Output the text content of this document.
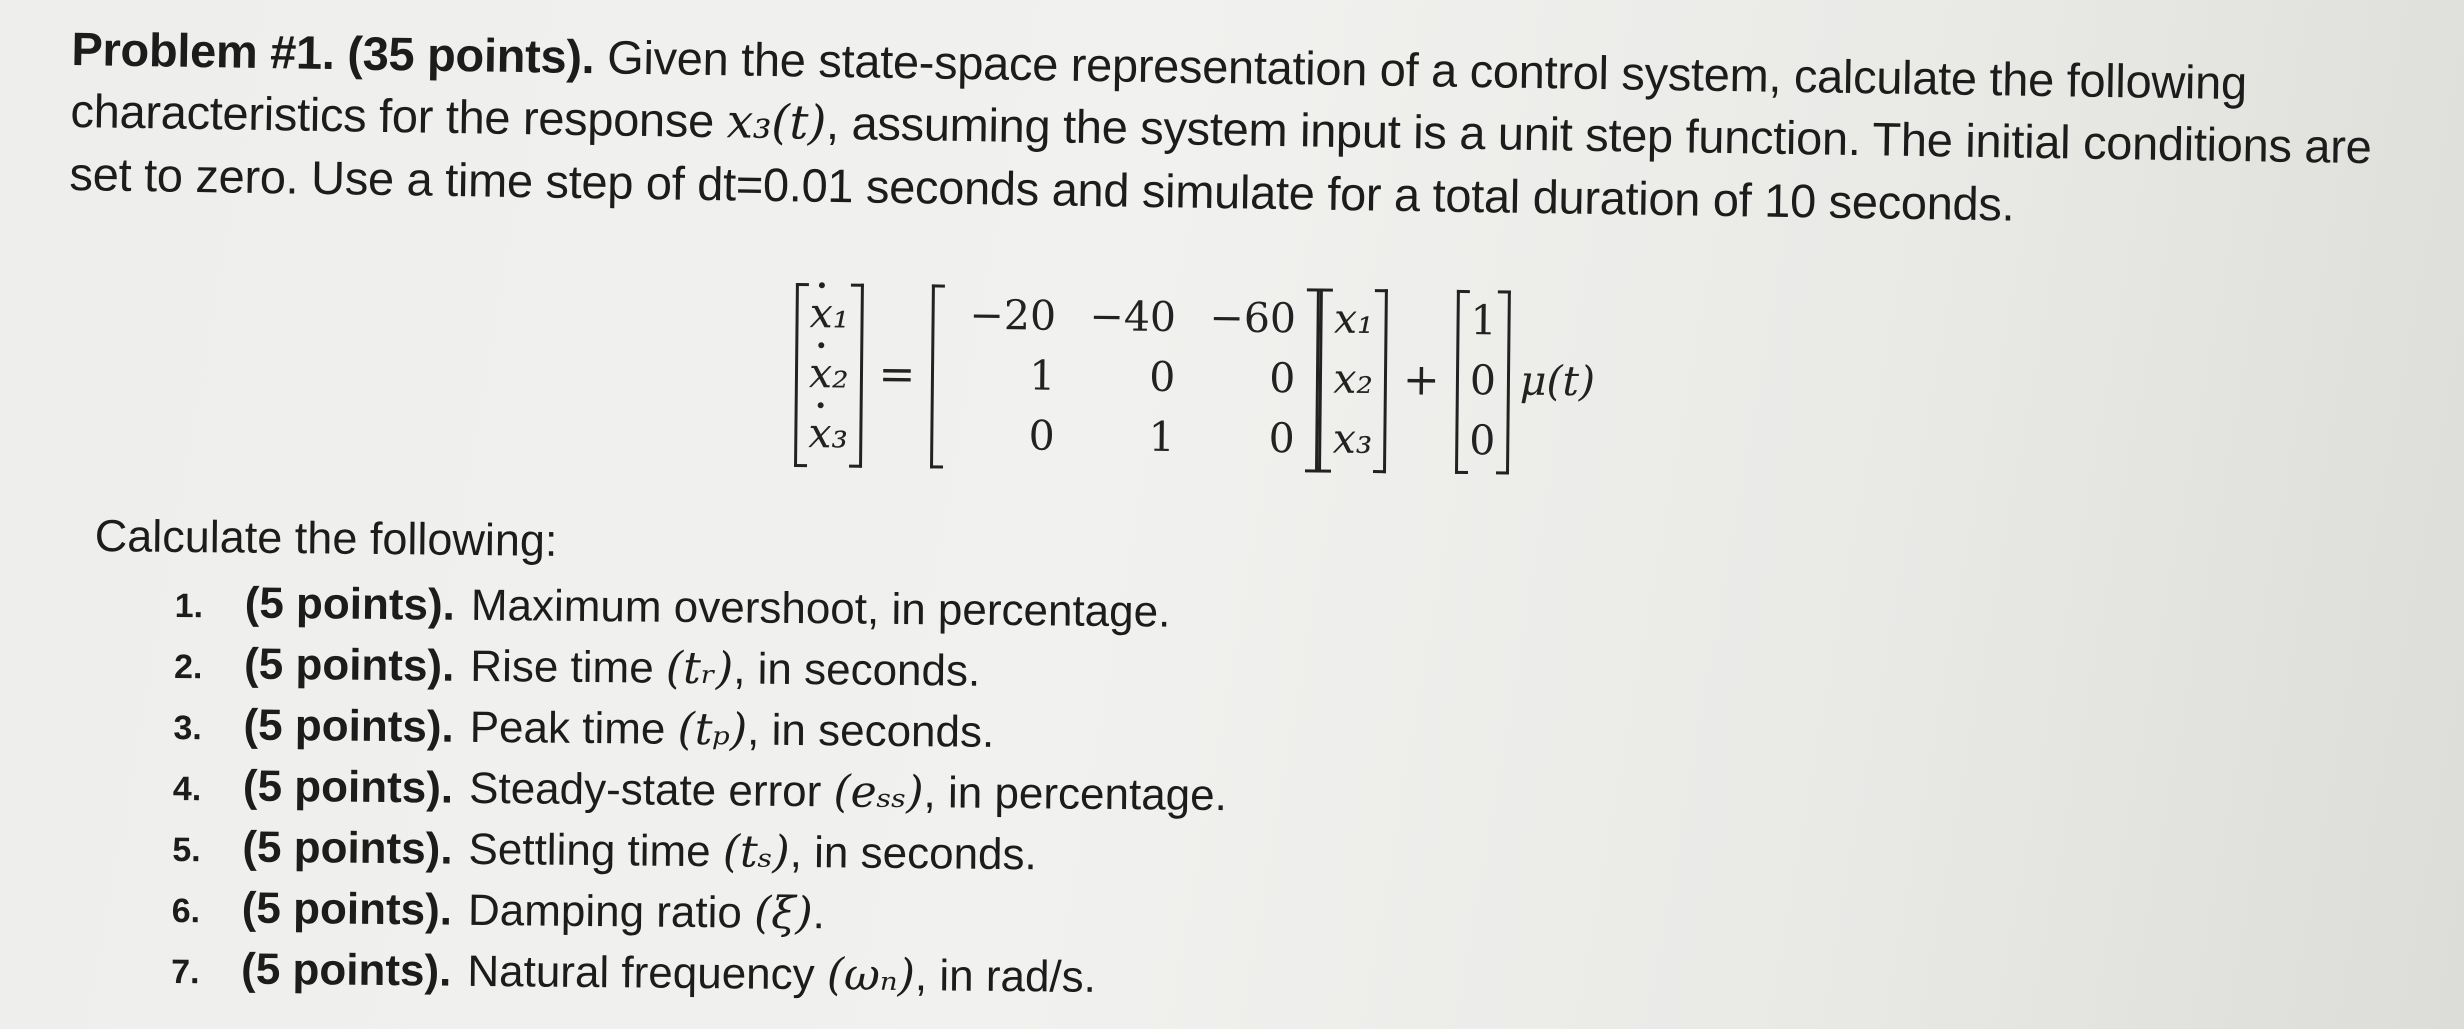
Problem #1. (35 points). Given the state-space representation of a control system, calculate the following characteristics for the response x₃(t), assuming the system input is a unit step function. The initial conditions are set to zero. Use a time step of dt=0.01 seconds and simulate for a total duration of 10 seconds.
x₁
x₂
x₃
=
−20
1
0
−40
0
1
−60
0
0
x₁
x₂
x₃
+
1
0
0
μ(t)
Calculate the following:
1. (5 points). Maximum overshoot, in percentage.
2. (5 points). Rise time
(tᵣ) , in seconds.
3. (5 points). Peak time
(tₚ) , in seconds.
4. (5 points). Steady-state error
(eₛₛ) , in percentage.
5. (5 points). Settling time
(tₛ) , in seconds.
6. (5 points). Damping ratio
(ξ) .
7. (5 points). Natural frequency
(ωₙ) , in rad/s.
